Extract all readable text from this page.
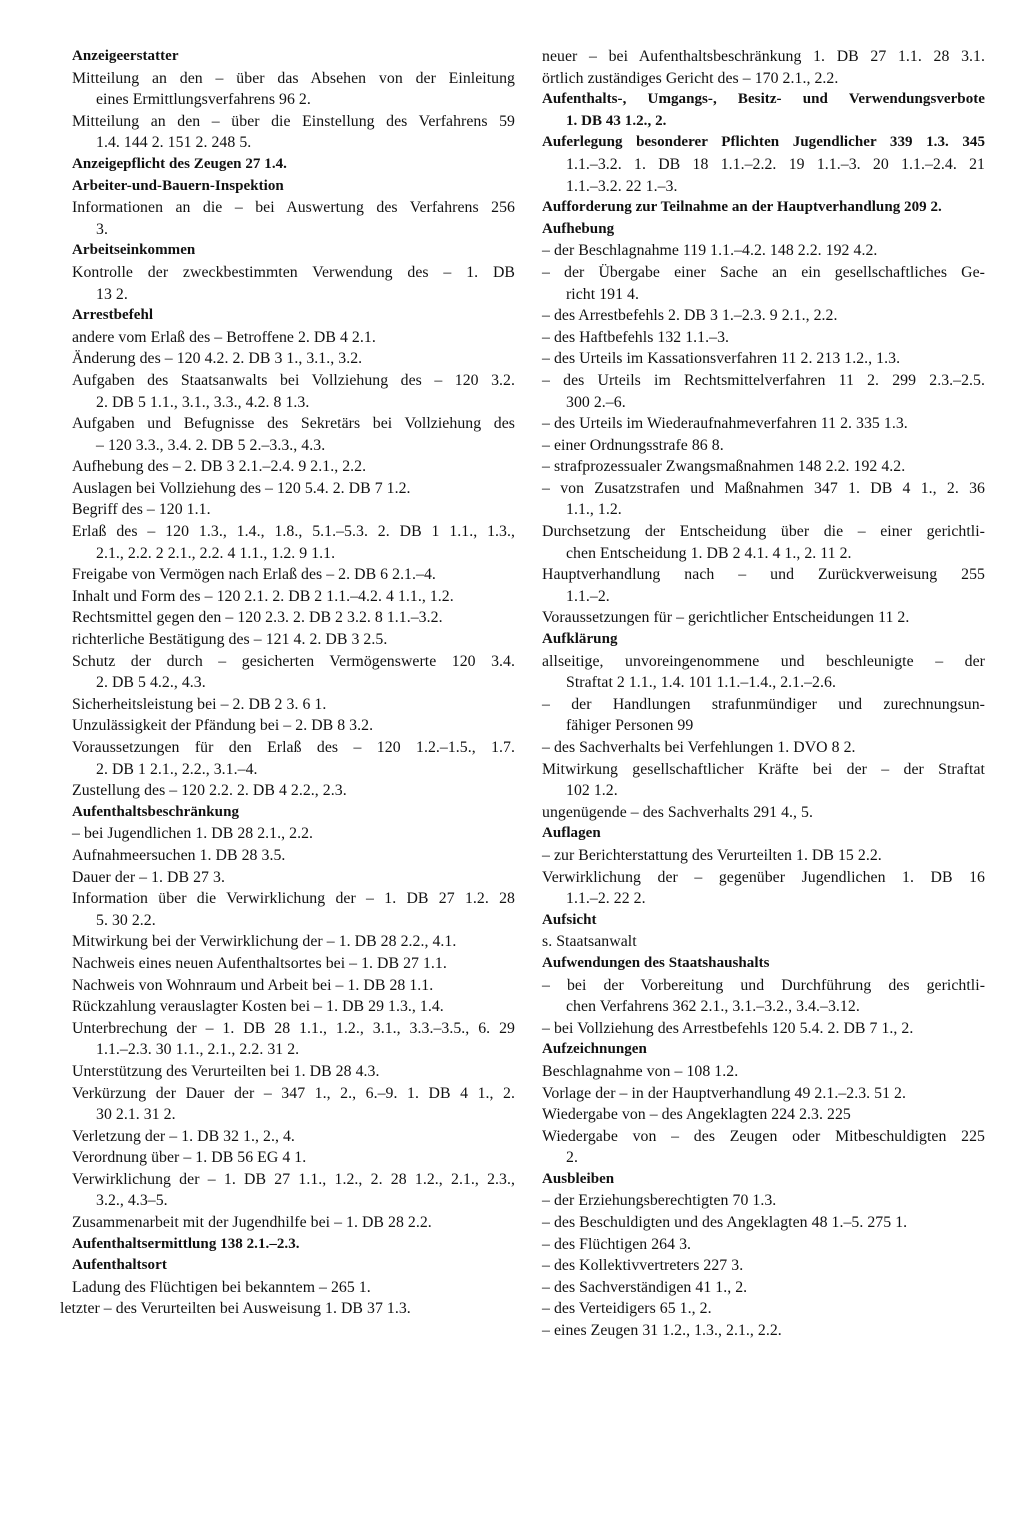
Anzeigeerstatter
Mitteilung an den – über das Absehen von der Einleitung
eines Ermittlungsverfahrens 96 2.
Mitteilung an den – über die Einstellung des Verfahrens 59
1.4. 144 2. 151 2. 248 5.
Anzeigepflicht des Zeugen 27 1.4.
Arbeiter-und-Bauern-Inspektion
Informationen an die – bei Auswertung des Verfahrens 256
3.
Arbeitseinkommen
Kontrolle der zweckbestimmten Verwendung des – 1. DB
13 2.
Arrestbefehl
andere vom Erlaß des – Betroffene 2. DB 4 2.1.
Änderung des – 120 4.2. 2. DB 3 1., 3.1., 3.2.
Aufgaben des Staatsanwalts bei Vollziehung des – 120 3.2.
2. DB 5 1.1., 3.1., 3.3., 4.2. 8 1.3.
Aufgaben und Befugnisse des Sekretärs bei Vollziehung des
– 120 3.3., 3.4. 2. DB 5 2.–3.3., 4.3.
Aufhebung des – 2. DB 3 2.1.–2.4. 9 2.1., 2.2.
Auslagen bei Vollziehung des – 120 5.4. 2. DB 7 1.2.
Begriff des – 120 1.1.
Erlaß des – 120 1.3., 1.4., 1.8., 5.1.–5.3. 2. DB 1 1.1., 1.3.,
2.1., 2.2. 2 2.1., 2.2. 4 1.1., 1.2. 9 1.1.
Freigabe von Vermögen nach Erlaß des – 2. DB 6 2.1.–4.
Inhalt und Form des – 120 2.1. 2. DB 2 1.1.–4.2. 4 1.1., 1.2.
Rechtsmittel gegen den – 120 2.3. 2. DB 2 3.2. 8 1.1.–3.2.
richterliche Bestätigung des – 121 4. 2. DB 3 2.5.
Schutz der durch – gesicherten Vermögenswerte 120 3.4.
2. DB 5 4.2., 4.3.
Sicherheitsleistung bei – 2. DB 2 3. 6 1.
Unzulässigkeit der Pfändung bei – 2. DB 8 3.2.
Voraussetzungen für den Erlaß des – 120 1.2.–1.5., 1.7.
2. DB 1 2.1., 2.2., 3.1.–4.
Zustellung des – 120 2.2. 2. DB 4 2.2., 2.3.
Aufenthaltsbeschränkung
– bei Jugendlichen 1. DB 28 2.1., 2.2.
Aufnahmeersuchen 1. DB 28 3.5.
Dauer der – 1. DB 27 3.
Information über die Verwirklichung der – 1. DB 27 1.2. 28
5. 30 2.2.
Mitwirkung bei der Verwirklichung der – 1. DB 28 2.2., 4.1.
Nachweis eines neuen Aufenthaltsortes bei – 1. DB 27 1.1.
Nachweis von Wohnraum und Arbeit bei – 1. DB 28 1.1.
Rückzahlung verauslagter Kosten bei – 1. DB 29 1.3., 1.4.
Unterbrechung der – 1. DB 28 1.1., 1.2., 3.1., 3.3.–3.5., 6. 29
1.1.–2.3. 30 1.1., 2.1., 2.2. 31 2.
Unterstützung des Verurteilten bei 1. DB 28 4.3.
Verkürzung der Dauer der – 347 1., 2., 6.–9. 1. DB 4 1., 2.
30 2.1. 31 2.
Verletzung der – 1. DB 32 1., 2., 4.
Verordnung über – 1. DB 56 EG 4 1.
Verwirklichung der – 1. DB 27 1.1., 1.2., 2. 28 1.2., 2.1., 2.3.,
3.2., 4.3–5.
Zusammenarbeit mit der Jugendhilfe bei – 1. DB 28 2.2.
Aufenthaltsermittlung 138 2.1.–2.3.
Aufenthaltsort
Ladung des Flüchtigen bei bekanntem – 265 1.
letzter – des Verurteilten bei Ausweisung 1. DB 37 1.3.
neuer – bei Aufenthaltsbeschränkung 1. DB 27 1.1. 28 3.1.
örtlich zuständiges Gericht des – 170 2.1., 2.2.
Aufenthalts-, Umgangs-, Besitz- und Verwendungsverbote
1. DB 43 1.2., 2.
Auferlegung besonderer Pflichten Jugendlicher 339 1.3. 345
1.1.–3.2. 1. DB 18 1.1.–2.2. 19 1.1.–3. 20 1.1.–2.4. 21
1.1.–3.2. 22 1.–3.
Aufforderung zur Teilnahme an der Hauptverhandlung 209 2.
Aufhebung
– der Beschlagnahme 119 1.1.–4.2. 148 2.2. 192 4.2.
– der Übergabe einer Sache an ein gesellschaftliches Ge-
richt 191 4.
– des Arrestbefehls 2. DB 3 1.–2.3. 9 2.1., 2.2.
– des Haftbefehls 132 1.1.–3.
– des Urteils im Kassationsverfahren 11 2. 213 1.2., 1.3.
– des Urteils im Rechtsmittelverfahren 11 2. 299 2.3.–2.5.
300 2.–6.
– des Urteils im Wiederaufnahmeverfahren 11 2. 335 1.3.
– einer Ordnungsstrafe 86 8.
– strafprozessualer Zwangsmaßnahmen 148 2.2. 192 4.2.
– von Zusatzstrafen und Maßnahmen 347 1. DB 4 1., 2. 36
1.1., 1.2.
Durchsetzung der Entscheidung über die – einer gerichtli-
chen Entscheidung 1. DB 2 4.1. 4 1., 2. 11 2.
Hauptverhandlung nach – und Zurückverweisung 255
1.1.–2.
Voraussetzungen für – gerichtlicher Entscheidungen 11 2.
Aufklärung
allseitige, unvoreingenommene und beschleunigte – der
Straftat 2 1.1., 1.4. 101 1.1.–1.4., 2.1.–2.6.
– der Handlungen strafunmündiger und zurechnungsun-
fähiger Personen 99
– des Sachverhalts bei Verfehlungen 1. DVO 8 2.
Mitwirkung gesellschaftlicher Kräfte bei der – der Straftat
102 1.2.
ungenügende – des Sachverhalts 291 4., 5.
Auflagen
– zur Berichterstattung des Verurteilten 1. DB 15 2.2.
Verwirklichung der – gegenüber Jugendlichen 1. DB 16
1.1.–2. 22 2.
Aufsicht
s. Staatsanwalt
Aufwendungen des Staatshaushalts
– bei der Vorbereitung und Durchführung des gerichtli-
chen Verfahrens 362 2.1., 3.1.–3.2., 3.4.–3.12.
– bei Vollziehung des Arrestbefehls 120 5.4. 2. DB 7 1., 2.
Aufzeichnungen
Beschlagnahme von – 108 1.2.
Vorlage der – in der Hauptverhandlung 49 2.1.–2.3. 51 2.
Wiedergabe von – des Angeklagten 224 2.3. 225
Wiedergabe von – des Zeugen oder Mitbeschuldigten 225
2.
Ausbleiben
– der Erziehungsberechtigten 70 1.3.
– des Beschuldigten und des Angeklagten 48 1.–5. 275 1.
– des Flüchtigen 264 3.
– des Kollektivvertreters 227 3.
– des Sachverständigen 41 1., 2.
– des Verteidigers 65 1., 2.
– eines Zeugen 31 1.2., 1.3., 2.1., 2.2.
